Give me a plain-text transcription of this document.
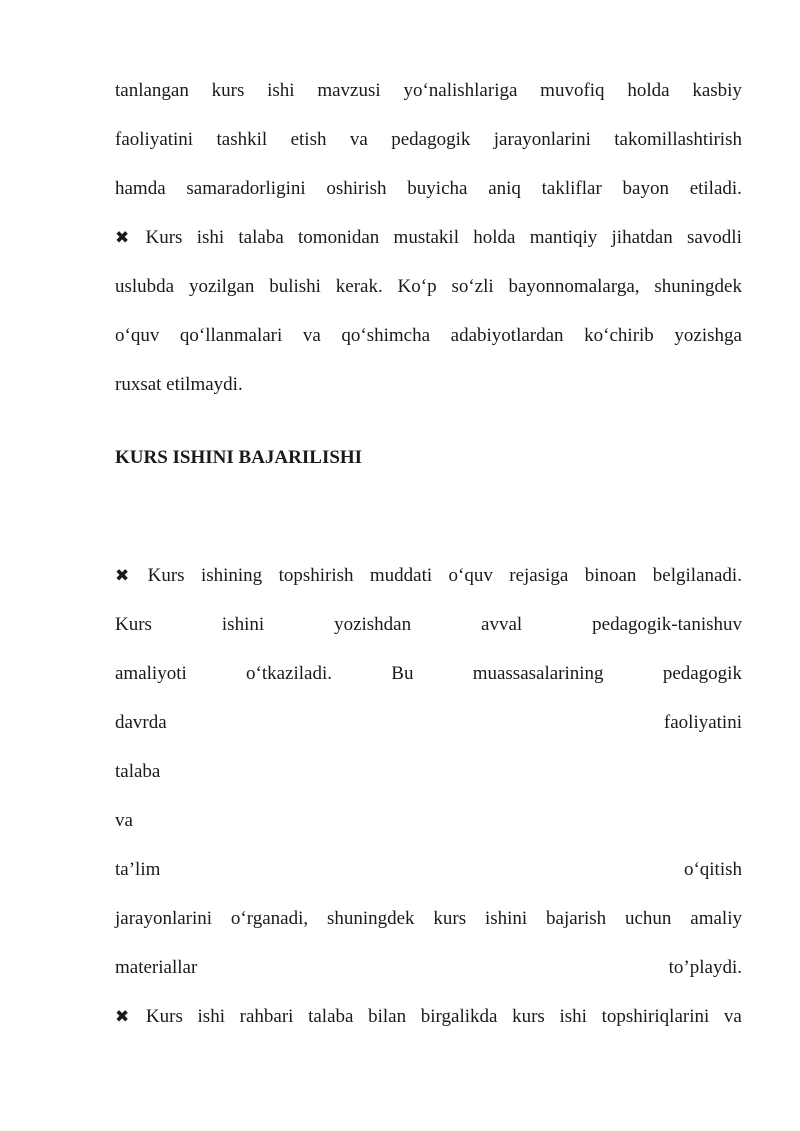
tanlangan kurs ishi mavzusi yo‘nalishlariga muvofiq holda kasbiy
faoliyatini tashkil etish va pedagogik jarayonlarini takomillashtirish
hamda samaradorligini oshirish buyicha aniq takliflar bayon etiladi.
✖ Kurs ishi talaba tomonidan mustakil holda mantiqiy jihatdan savodli
uslubda yozilgan bulishi kerak. Ko‘p so‘zli bayonnomalarga, shuningdek
o‘quv qo‘llanmalari va qo‘shimcha adabiyotlardan ko‘chirib yozishga
ruxsat etilmaydi.
KURS ISHINI BAJARILISHI
✖ Kurs ishining topshirish muddati o‘quv rejasiga binoan belgilanadi.
Kurs	ishini	yozishdan	avval	pedagogik-tanishuv
amaliyoti	o‘tkaziladi.	Bu	muassasalarining	pedagogik
davrda	faoliyatini
talaba
va
ta’lim	o‘qitish
jarayonlarini o‘rganadi, shuningdek kurs ishini bajarish uchun amaliy
materiallar	to’playdi.
✖ Kurs ishi rahbari talaba bilan birgalikda kurs ishi topshiriqlarini va
